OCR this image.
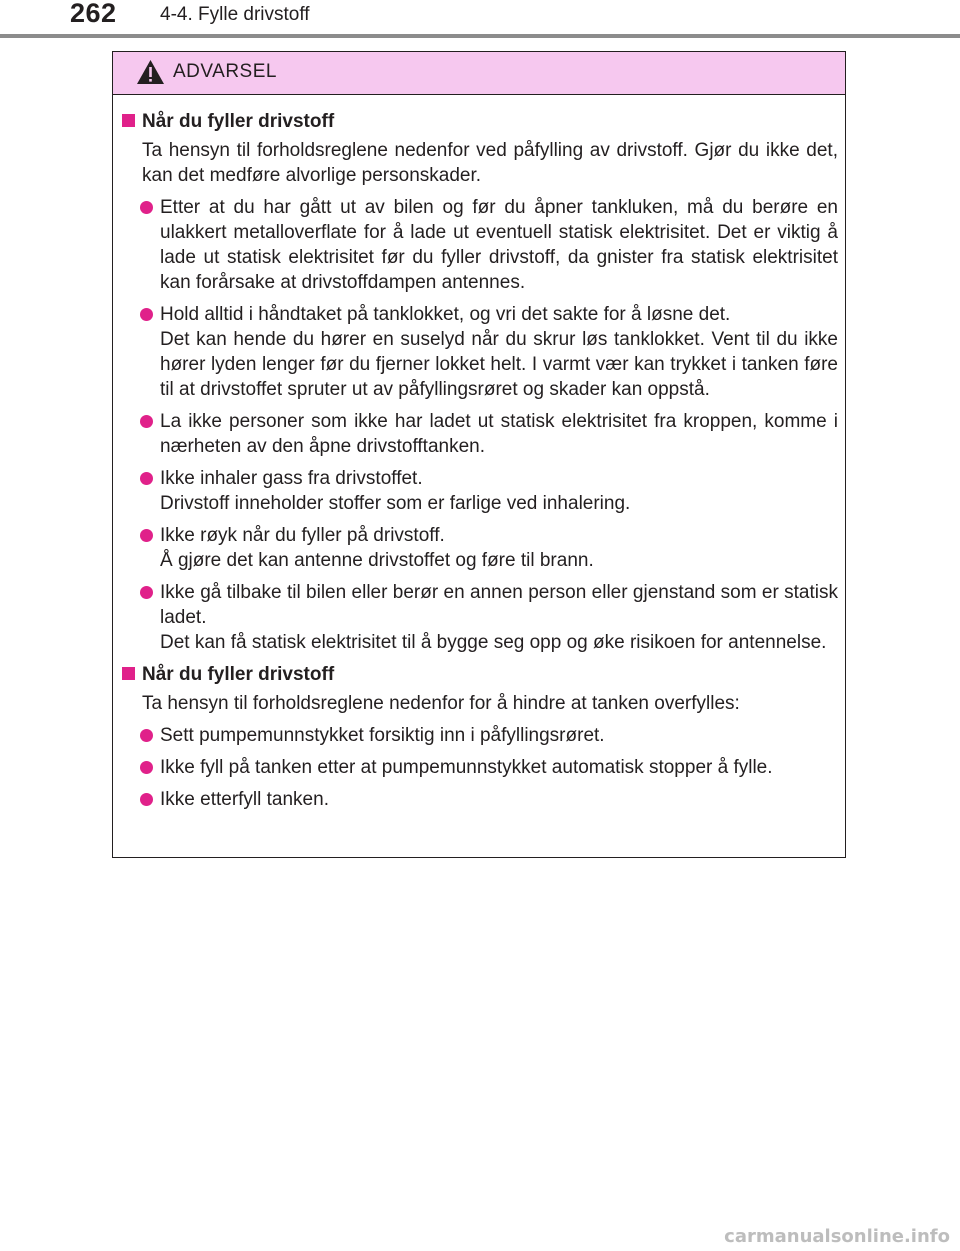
262 4-4. Fylle drivstoff
ADVARSEL
Når du fyller drivstoff
Ta hensyn til forholdsreglene nedenfor ved påfylling av drivstoff. Gjør du ikke det, kan det medføre alvorlige personskader.
Etter at du har gått ut av bilen og før du åpner tankluken, må du berøre en ulakkert metalloverflate for å lade ut eventuell statisk elektrisitet. Det er viktig å lade ut statisk elektrisitet før du fyller drivstoff, da gnister fra statisk elektrisitet kan forårsake at drivstoffdampen antennes.
Hold alltid i håndtaket på tanklokket, og vri det sakte for å løsne det.
Det kan hende du hører en suselyd når du skrur løs tanklokket. Vent til du ikke hører lyden lenger før du fjerner lokket helt. I varmt vær kan trykket i tanken føre til at drivstoffet spruter ut av påfyllingsrøret og skader kan oppstå.
La ikke personer som ikke har ladet ut statisk elektrisitet fra kroppen, komme i nærheten av den åpne drivstofftanken.
Ikke inhaler gass fra drivstoffet.
Drivstoff inneholder stoffer som er farlige ved inhalering.
Ikke røyk når du fyller på drivstoff.
Å gjøre det kan antenne drivstoffet og føre til brann.
Ikke gå tilbake til bilen eller berør en annen person eller gjenstand som er statisk ladet.
Det kan få statisk elektrisitet til å bygge seg opp og øke risikoen for antennelse.
Når du fyller drivstoff
Ta hensyn til forholdsreglene nedenfor for å hindre at tanken overfylles:
Sett pumpemunnstykket forsiktig inn i påfyllingsrøret.
Ikke fyll på tanken etter at pumpemunnstykket automatisk stopper å fylle.
Ikke etterfyll tanken.
carmanualsonline.info
